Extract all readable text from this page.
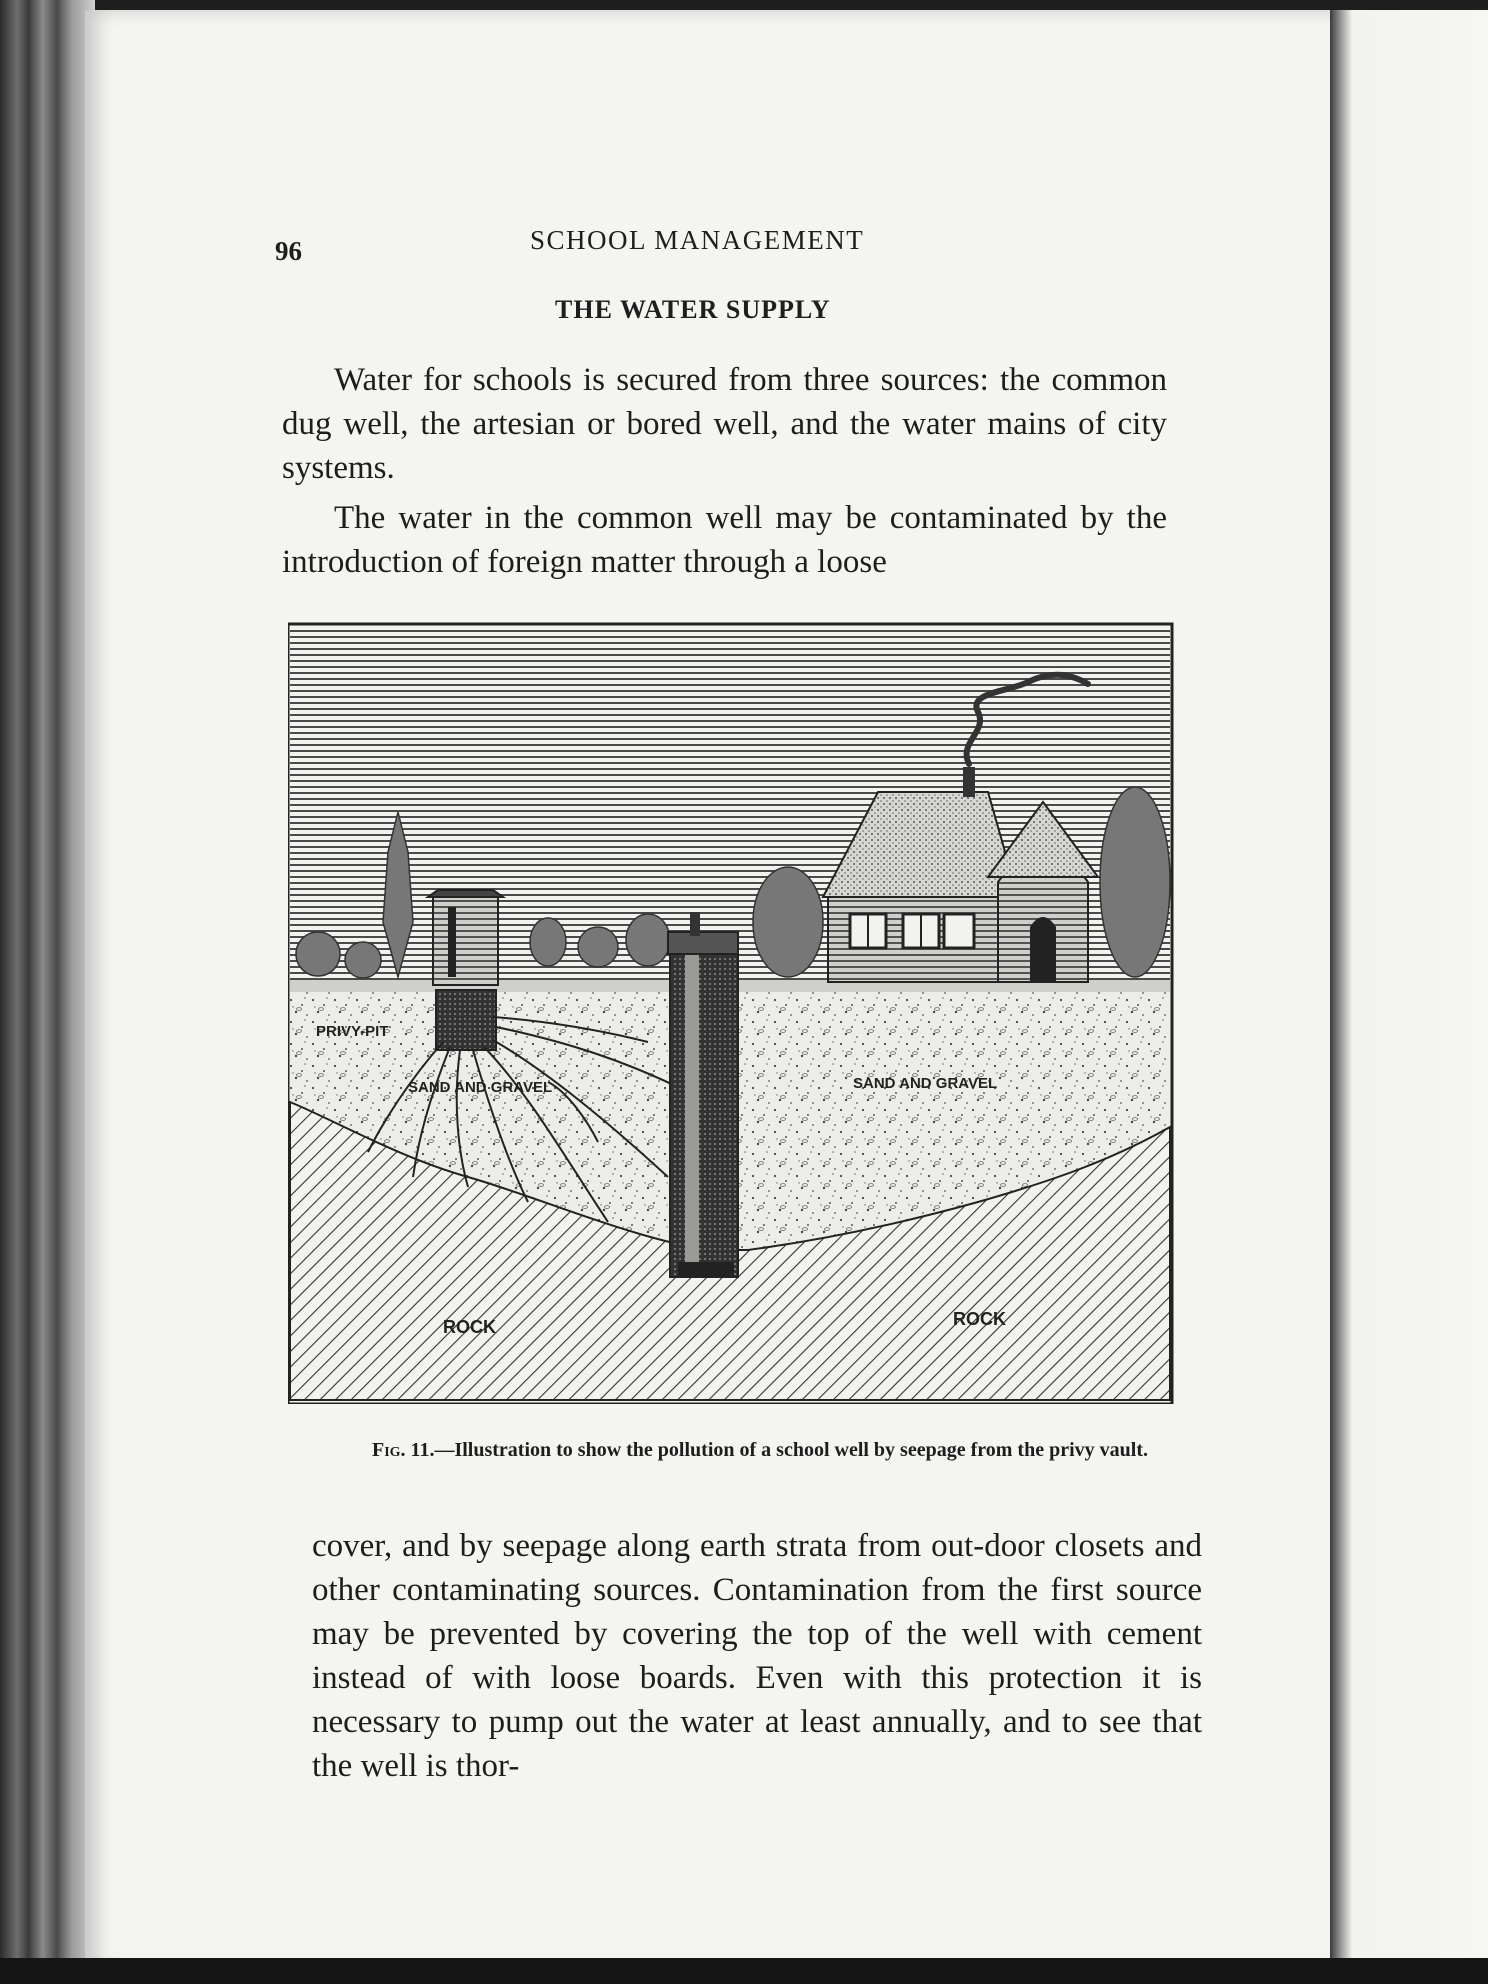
96	SCHOOL MANAGEMENT
THE WATER SUPPLY
Water for schools is secured from three sources: the common dug well, the artesian or bored well, and the water mains of city systems.
The water in the common well may be contaminated by the introduction of foreign matter through a loose
PRIVY-PIT
SAND AND GRAVEL	SAND AND GRAVEL
ROCK	ROCK
Fig. 11.—Illustration to show the pollution of a school well by seepage from the privy vault.
cover, and by seepage along earth strata from out-door closets and other contaminating sources. Contamination from the first source may be prevented by covering the top of the well with cement instead of with loose boards. Even with this protection it is necessary to pump out the water at least annually, and to see that the well is thor-
